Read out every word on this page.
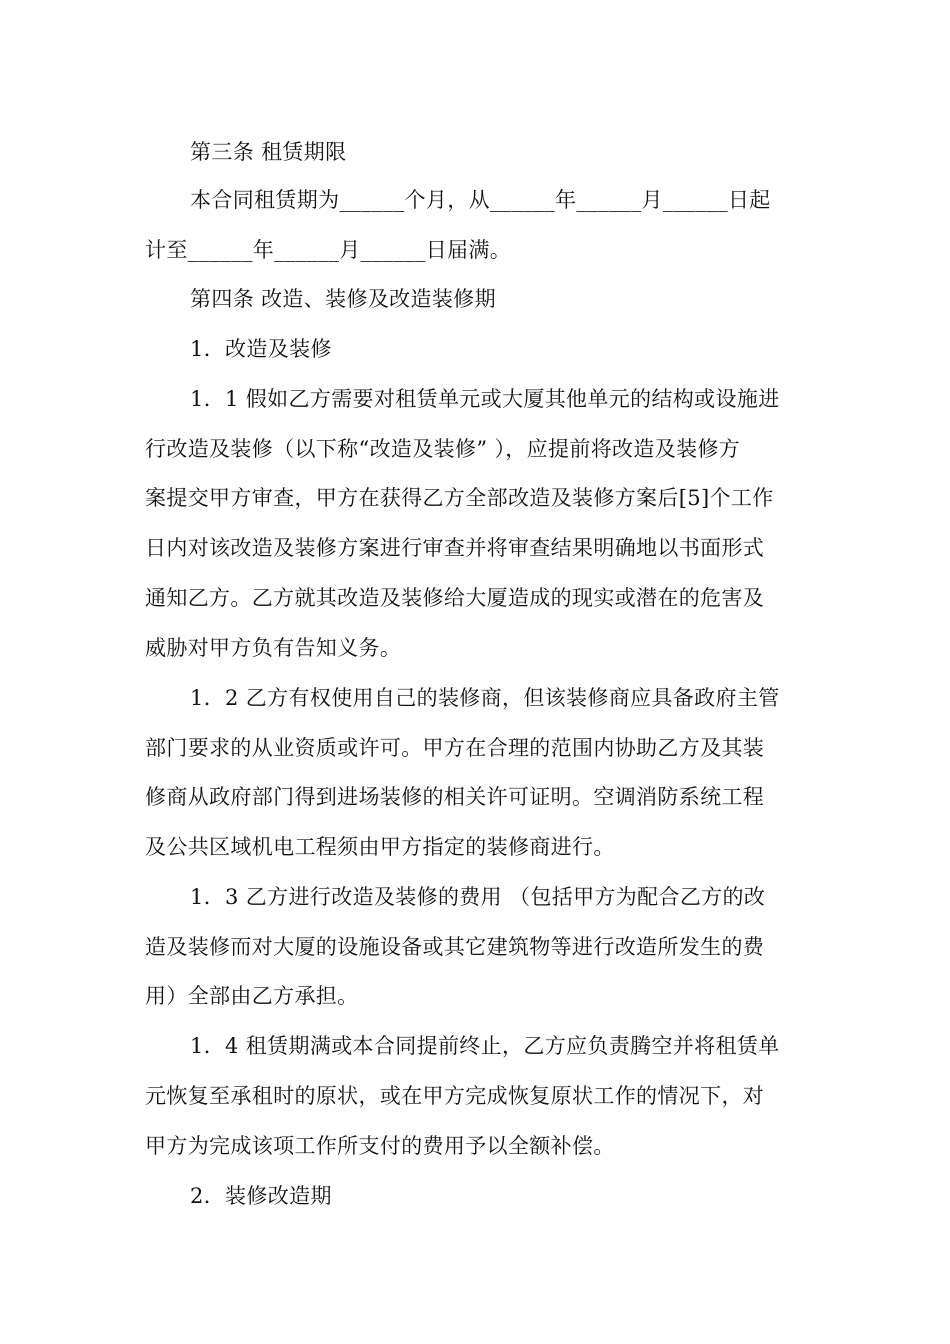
第三条 租赁期限
本合同租赁期为______个月，从______年______月______日起
计至______年______月______日届满。
第四条 改造、装修及改造装修期
1．改造及装修
1．1 假如乙方需要对租赁单元或大厦其他单元的结构或设施进
行改造及装修（以下称“改造及装修” ），应提前将改造及装修方
案提交甲方审查，甲方在获得乙方全部改造及装修方案后[5]个工作
日内对该改造及装修方案进行审查并将审查结果明确地以书面形式
通知乙方。乙方就其改造及装修给大厦造成的现实或潜在的危害及
威胁对甲方负有告知义务。
1．2 乙方有权使用自己的装修商，但该装修商应具备政府主管
部门要求的从业资质或许可。甲方在合理的范围内协助乙方及其装
修商从政府部门得到进场装修的相关许可证明。空调消防系统工程
及公共区域机电工程须由甲方指定的装修商进行。
1．3 乙方进行改造及装修的费用 （包括甲方为配合乙方的改
造及装修而对大厦的设施设备或其它建筑物等进行改造所发生的费
用）全部由乙方承担。
1．4 租赁期满或本合同提前终止，乙方应负责腾空并将租赁单
元恢复至承租时的原状，或在甲方完成恢复原状工作的情况下，对
甲方为完成该项工作所支付的费用予以全额补偿。
2．装修改造期
